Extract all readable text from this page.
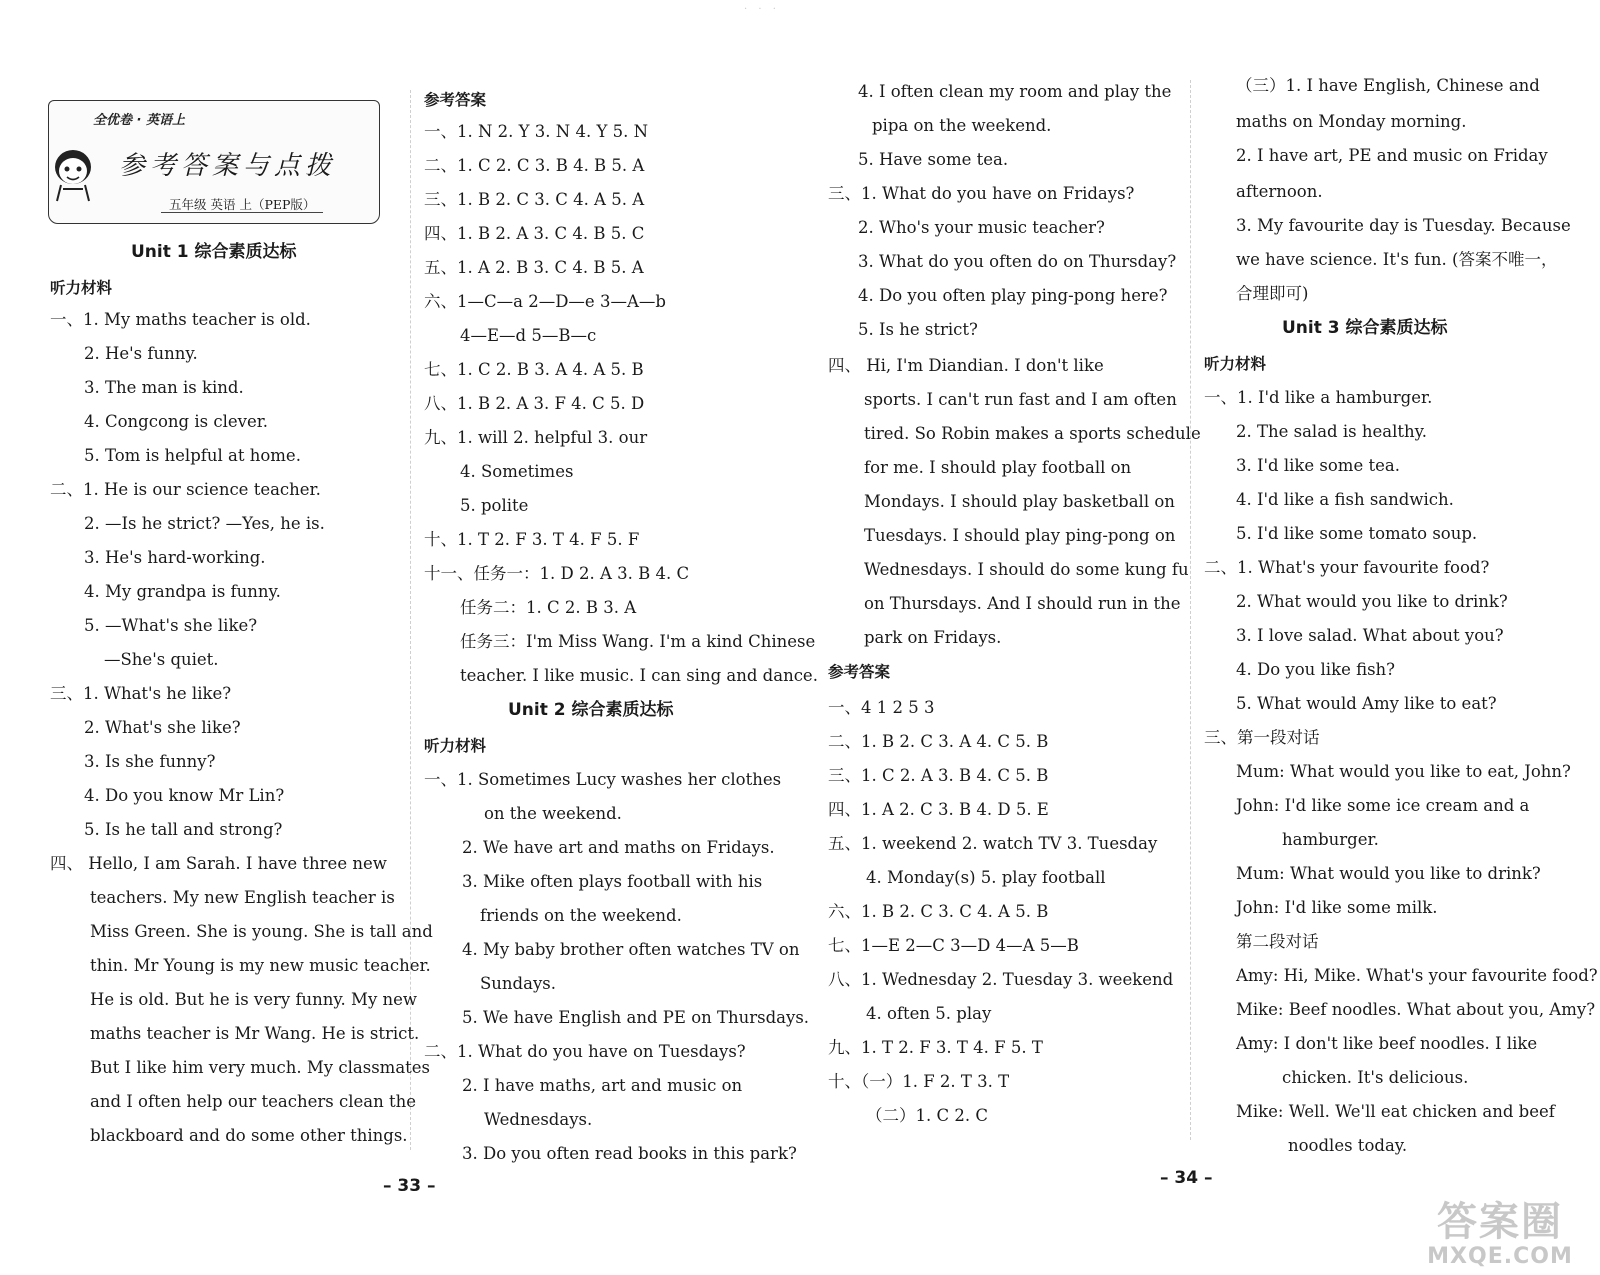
· · ·
全优卷 · 英语上
参考答案与点拨
五年级 英语 上（PEP版）
Unit 1 综合素质达标
听力材料
一、1. My maths teacher is old.
2. He's funny.
3. The man is kind.
4. Congcong is clever.
5. Tom is helpful at home.
二、1. He is our science teacher.
2. —Is he strict? —Yes, he is.
3. He's hard-working.
4. My grandpa is funny.
5. —What's she like?
—She's quiet.
三、1. What's he like?
2. What's she like?
3. Is she funny?
4. Do you know Mr Lin?
5. Is he tall and strong?
四、 Hello, I am Sarah. I have three new
teachers. My new English teacher is
Miss Green. She is young. She is tall and
thin. Mr Young is my new music teacher.
He is old. But he is very funny. My new
maths teacher is Mr Wang. He is strict.
But I like him very much. My classmates
and I often help our teachers clean the
blackboard and do some other things.
参考答案
一、1. N 2. Y 3. N 4. Y 5. N
二、1. C 2. C 3. B 4. B 5. A
三、1. B 2. C 3. C 4. A 5. A
四、1. B 2. A 3. C 4. B 5. C
五、1. A 2. B 3. C 4. B 5. A
六、1—C—a 2—D—e 3—A—b
4—E—d 5—B—c
七、1. C 2. B 3. A 4. A 5. B
八、1. B 2. A 3. F 4. C 5. D
九、1. will 2. helpful 3. our
4. Sometimes
5. polite
十、1. T 2. F 3. T 4. F 5. F
十一、任务一：1. D 2. A 3. B 4. C
任务二：1. C 2. B 3. A
任务三：I'm Miss Wang. I'm a kind Chinese
teacher. I like music. I can sing and dance.
Unit 2 综合素质达标
听力材料
一、1. Sometimes Lucy washes her clothes
on the weekend.
2. We have art and maths on Fridays.
3. Mike often plays football with his
friends on the weekend.
4. My baby brother often watches TV on
Sundays.
5. We have English and PE on Thursdays.
二、1. What do you have on Tuesdays?
2. I have maths, art and music on
Wednesdays.
3. Do you often read books in this park?
4. I often clean my room and play the
pipa on the weekend.
5. Have some tea.
三、1. What do you have on Fridays?
2. Who's your music teacher?
3. What do you often do on Thursday?
4. Do you often play ping-pong here?
5. Is he strict?
四、 Hi, I'm Diandian. I don't like
sports. I can't run fast and I am often
tired. So Robin makes a sports schedule
for me. I should play football on
Mondays. I should play basketball on
Tuesdays. I should play ping-pong on
Wednesdays. I should do some kung fu
on Thursdays. And I should run in the
park on Fridays.
参考答案
一、4 1 2 5 3
二、1. B 2. C 3. A 4. C 5. B
三、1. C 2. A 3. B 4. C 5. B
四、1. A 2. C 3. B 4. D 5. E
五、1. weekend 2. watch TV 3. Tuesday
4. Monday(s) 5. play football
六、1. B 2. C 3. C 4. A 5. B
七、1—E 2—C 3—D 4—A 5—B
八、1. Wednesday 2. Tuesday 3. weekend
4. often 5. play
九、1. T 2. F 3. T 4. F 5. T
十、（一）1. F 2. T 3. T
（二）1. C 2. C
（三）1. I have English, Chinese and
maths on Monday morning.
2. I have art, PE and music on Friday
afternoon.
3. My favourite day is Tuesday. Because
we have science. It's fun. (答案不唯一，
合理即可)
Unit 3 综合素质达标
听力材料
一、1. I'd like a hamburger.
2. The salad is healthy.
3. I'd like some tea.
4. I'd like a fish sandwich.
5. I'd like some tomato soup.
二、1. What's your favourite food?
2. What would you like to drink?
3. I love salad. What about you?
4. Do you like fish?
5. What would Amy like to eat?
三、第一段对话
Mum: What would you like to eat, John?
John: I'd like some ice cream and a
hamburger.
Mum: What would you like to drink?
John: I'd like some milk.
第二段对话
Amy: Hi, Mike. What's your favourite food?
Mike: Beef noodles. What about you, Amy?
Amy: I don't like beef noodles. I like
chicken. It's delicious.
Mike: Well. We'll eat chicken and beef
noodles today.
– 33 –	– 34 –
答案圈
MXQE.COM
